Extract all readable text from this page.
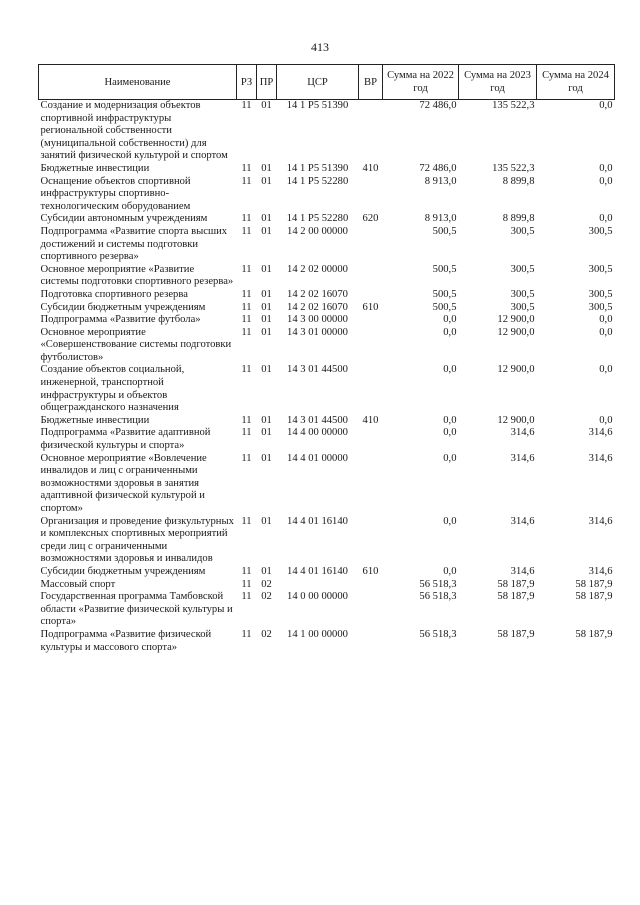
413
Наименование	РЗ	ПР	ЦСР	ВР	Сумма на 2022 год	Сумма на 2023 год	Сумма на 2024 год
Создание и модернизация объектов спортивной инфраструктуры региональной собственности (муниципальной собственности) для занятий физической культурой и спортом	11	01	14 1 Р5 51390		72 486,0	135 522,3	0,0
Бюджетные инвестиции	11	01	14 1 Р5 51390	410	72 486,0	135 522,3	0,0
Оснащение объектов спортивной инфраструктуры спортивно-технологическим оборудованием	11	01	14 1 Р5 52280		8 913,0	8 899,8	0,0
Субсидии автономным учреждениям	11	01	14 1 Р5 52280	620	8 913,0	8 899,8	0,0
Подпрограмма «Развитие спорта высших достижений и системы подготовки спортивного резерва»	11	01	14 2 00 00000		500,5	300,5	300,5
Основное мероприятие «Развитие системы подготовки спортивного резерва»	11	01	14 2 02 00000		500,5	300,5	300,5
Подготовка спортивного резерва	11	01	14 2 02 16070		500,5	300,5	300,5
Субсидии бюджетным учреждениям	11	01	14 2 02 16070	610	500,5	300,5	300,5
Подпрограмма «Развитие футбола»	11	01	14 3 00 00000		0,0	12 900,0	0,0
Основное мероприятие «Совершенствование системы подготовки футболистов»	11	01	14 3 01 00000		0,0	12 900,0	0,0
Создание объектов социальной, инженерной, транспортной инфраструктуры и объектов общегражданского назначения	11	01	14 3 01 44500		0,0	12 900,0	0,0
Бюджетные инвестиции	11	01	14 3 01 44500	410	0,0	12 900,0	0,0
Подпрограмма «Развитие адаптивной физической культуры и спорта»	11	01	14 4 00 00000		0,0	314,6	314,6
Основное мероприятие «Вовлечение инвалидов и лиц с ограниченными возможностями здоровья в занятия адаптивной физической культурой и спортом»	11	01	14 4 01 00000		0,0	314,6	314,6
Организация и проведение физкультурных и комплексных спортивных мероприятий среди лиц с ограниченными возможностями здоровья и инвалидов	11	01	14 4 01 16140		0,0	314,6	314,6
Субсидии бюджетным учреждениям	11	01	14 4 01 16140	610	0,0	314,6	314,6
Массовый спорт	11	02			56 518,3	58 187,9	58 187,9
Государственная программа Тамбовской области «Развитие физической культуры и спорта»	11	02	14 0 00 00000		56 518,3	58 187,9	58 187,9
Подпрограмма «Развитие физической культуры и массового спорта»	11	02	14 1 00 00000		56 518,3	58 187,9	58 187,9
